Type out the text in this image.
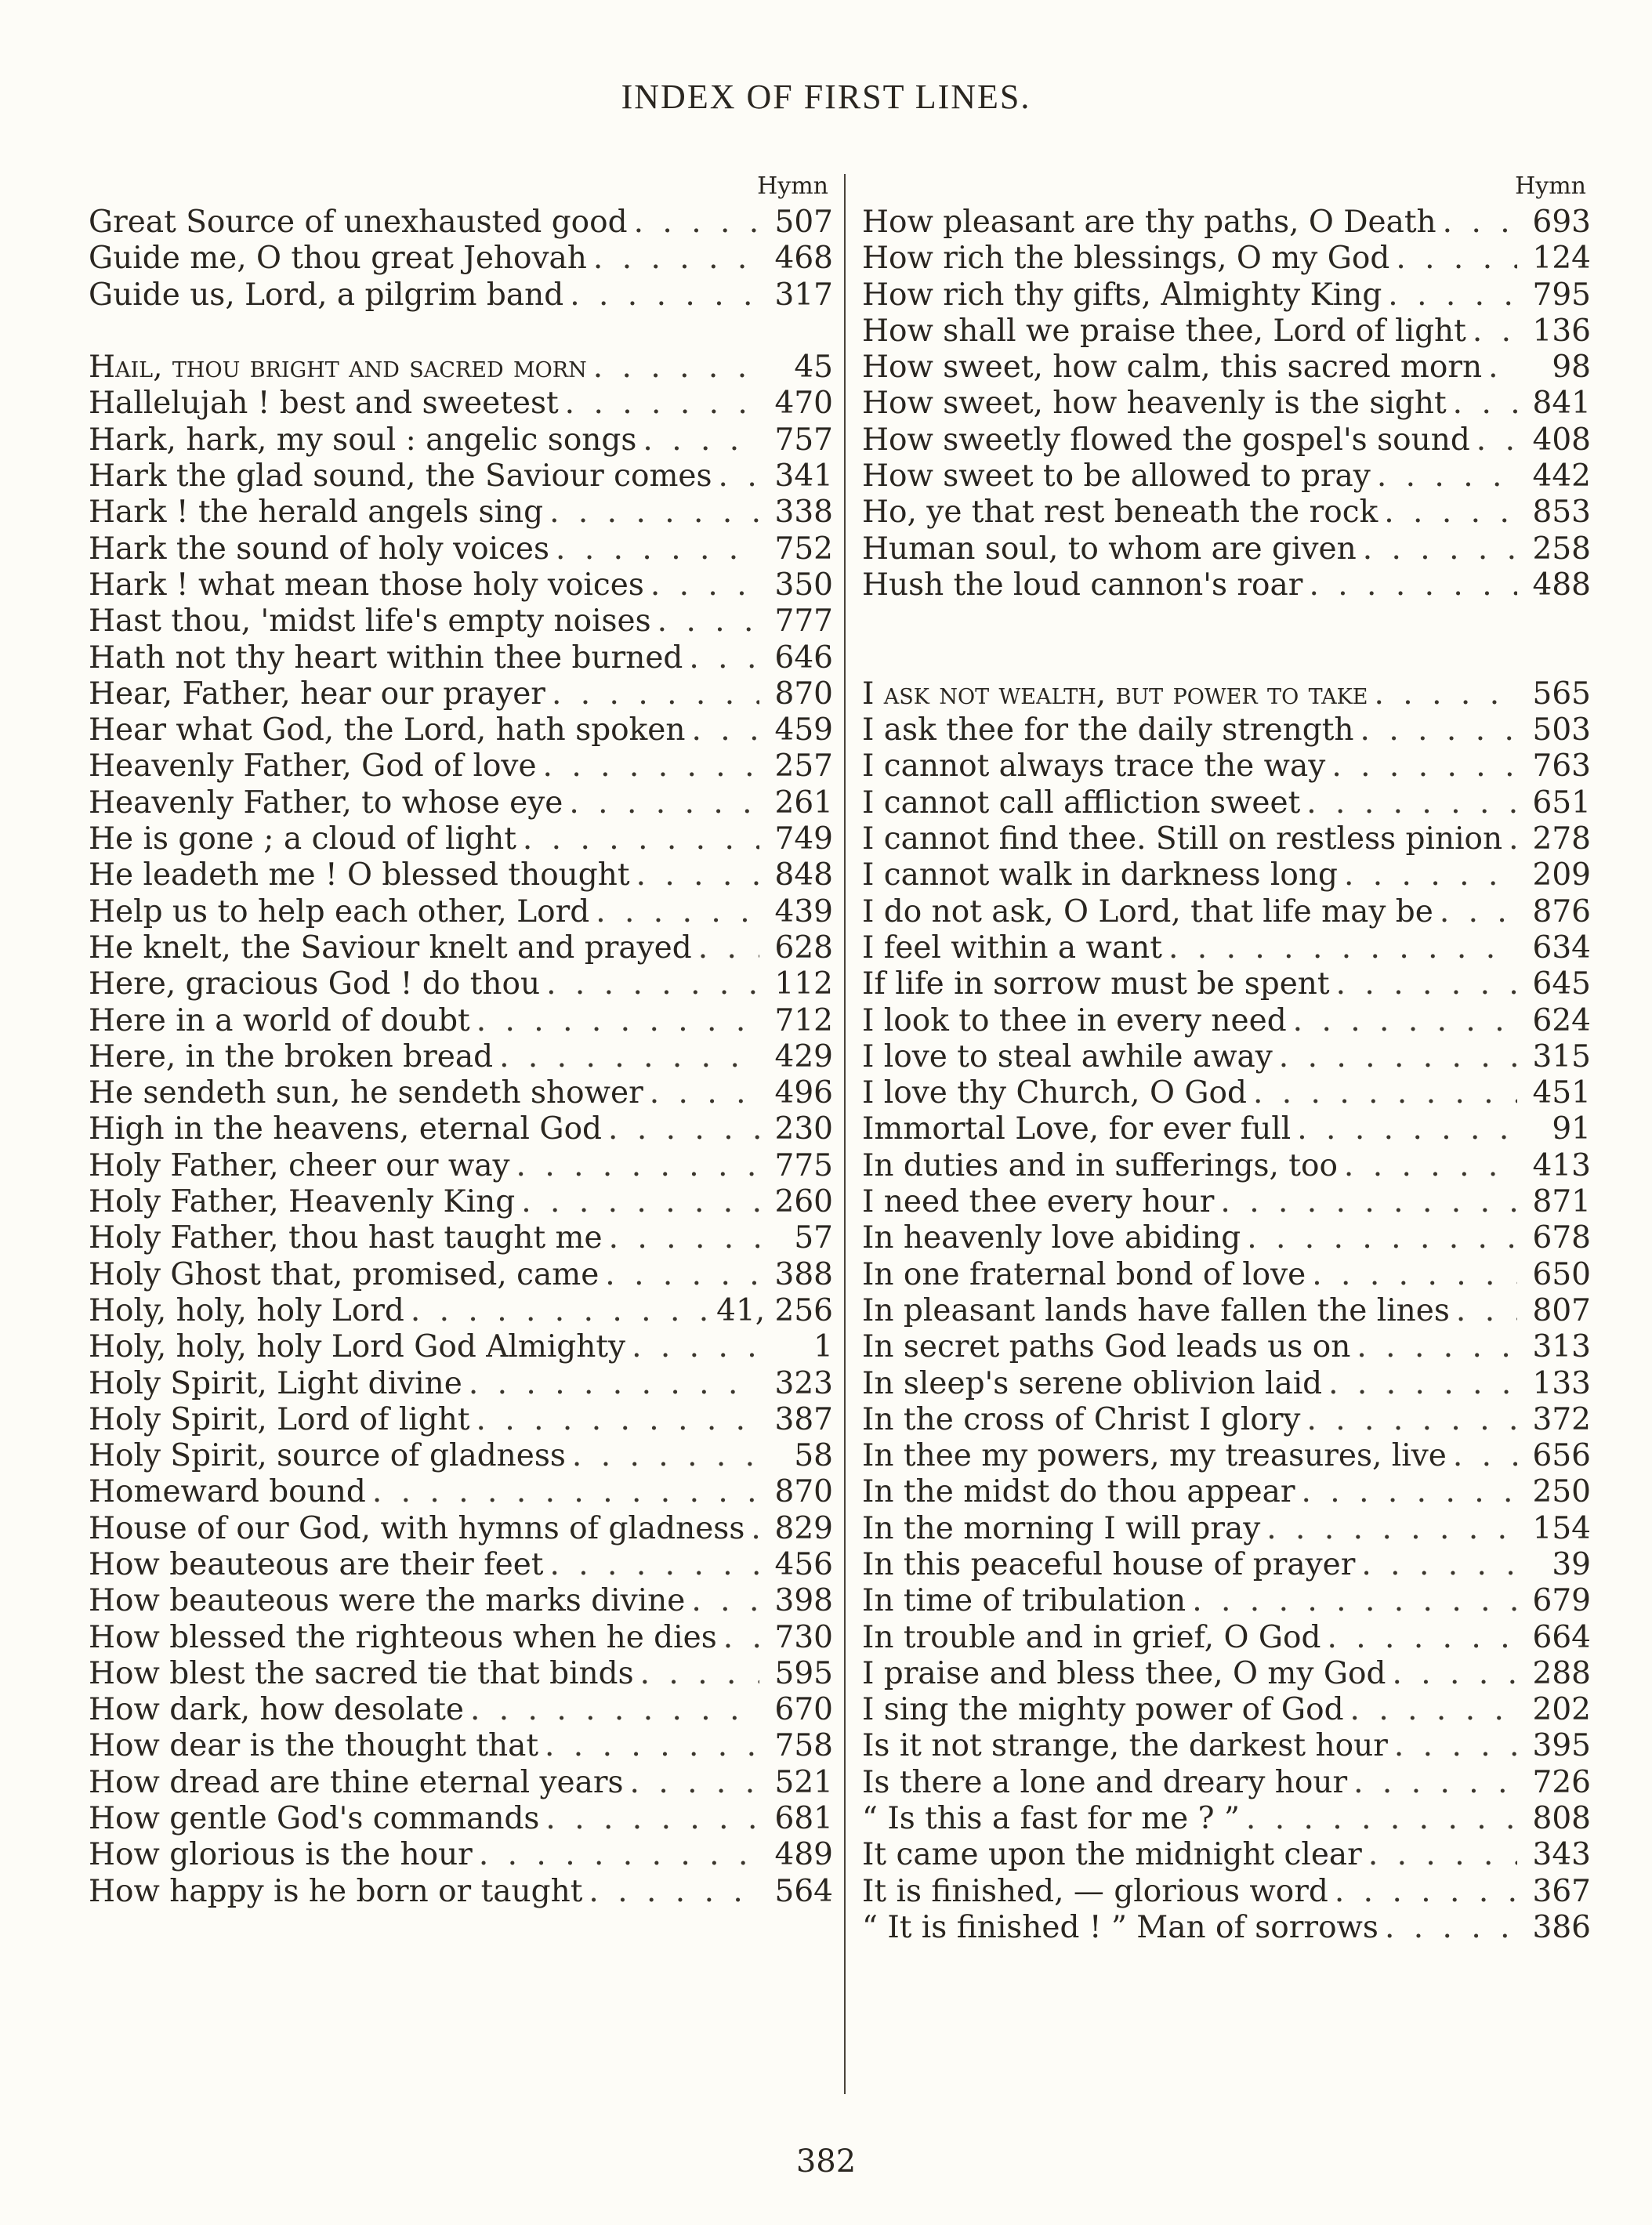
INDEX OF FIRST LINES.
Hymn
Great Source of unexhausted good . . .	507
Guide me, O thou great Jehovah . . .	468
Guide us, Lord, a pilgrim band . . .	317
Hail, thou bright and sacred morn . . .	45
Hallelujah ! best and sweetest . . .	470
Hark, hark, my soul : angelic songs . . .	757
Hark the glad sound, the Saviour comes . . .	341
Hark ! the herald angels sing . . .	338
Hark the sound of holy voices . . .	752
Hark ! what mean those holy voices . . .	350
Hast thou, 'midst life's empty noises . . .	777
Hath not thy heart within thee burned . . .	646
Hear, Father, hear our prayer . . .	870
Hear what God, the Lord, hath spoken . . .	459
Heavenly Father, God of love . . .	257
Heavenly Father, to whose eye . . .	261
He is gone ; a cloud of light . . .	749
He leadeth me ! O blessed thought . . .	848
Help us to help each other, Lord . . .	439
He knelt, the Saviour knelt and prayed . . .	628
Here, gracious God ! do thou . . .	112
Here in a world of doubt . . .	712
Here, in the broken bread . . .	429
He sendeth sun, he sendeth shower . . .	496
High in the heavens, eternal God . . .	230
Holy Father, cheer our way . . .	775
Holy Father, Heavenly King . . .	260
Holy Father, thou hast taught me . . .	57
Holy Ghost that, promised, came . . .	388
Holy, holy, holy Lord . . .	41, 256
Holy, holy, holy Lord God Almighty . . .	1
Holy Spirit, Light divine . . .	323
Holy Spirit, Lord of light . . .	387
Holy Spirit, source of gladness . . .	58
Homeward bound . . .	870
House of our God, with hymns of gladness . . . 829
How beauteous are their feet . . .	456
How beauteous were the marks divine . . .	398
How blessed the righteous when he dies . . .	730
How blest the sacred tie that binds . . .	595
How dark, how desolate . . .	670
How dear is the thought that . . .	758
How dread are thine eternal years . . .	521
How gentle God's commands . . .	681
How glorious is the hour . . .	489
How happy is he born or taught . . .	564
Hymn
How pleasant are thy paths, O Death . . .	693
How rich the blessings, O my God . . .	124
How rich thy gifts, Almighty King . . .	795
How shall we praise thee, Lord of light . . .	136
How sweet, how calm, this sacred morn . . .	98
How sweet, how heavenly is the sight . . .	841
How sweetly flowed the gospel's sound . . .	408
How sweet to be allowed to pray . . .	442
Ho, ye that rest beneath the rock . . .	853
Human soul, to whom are given . . .	258
Hush the loud cannon's roar . . .	488
I ask not wealth, but power to take . . .	565
I ask thee for the daily strength . . .	503
I cannot always trace the way . . .	763
I cannot call affliction sweet . . .	651
I cannot find thee. Still on restless pinion . . . 278
I cannot walk in darkness long . . .	209
I do not ask, O Lord, that life may be . . .	876
I feel within a want . . .	634
If life in sorrow must be spent . . .	645
I look to thee in every need . . .	624
I love to steal awhile away . . .	315
I love thy Church, O God . . .	451
Immortal Love, for ever full . . .	91
In duties and in sufferings, too . . .	413
I need thee every hour . . .	871
In heavenly love abiding . . .	678
In one fraternal bond of love . . .	650
In pleasant lands have fallen the lines . . .	807
In secret paths God leads us on . . .	313
In sleep's serene oblivion laid . . .	133
In the cross of Christ I glory . . .	372
In thee my powers, my treasures, live . . .	656
In the midst do thou appear . . .	250
In the morning I will pray . . .	154
In this peaceful house of prayer . . .	39
In time of tribulation . . .	679
In trouble and in grief, O God . . .	664
I praise and bless thee, O my God . . .	288
I sing the mighty power of God . . .	202
Is it not strange, the darkest hour . . .	395
Is there a lone and dreary hour . . .	726
“ Is this a fast for me ? ” . . .	808
It came upon the midnight clear . . .	343
It is finished, — glorious word . . .	367
“ It is finished ! ” Man of sorrows . . .	386
382
